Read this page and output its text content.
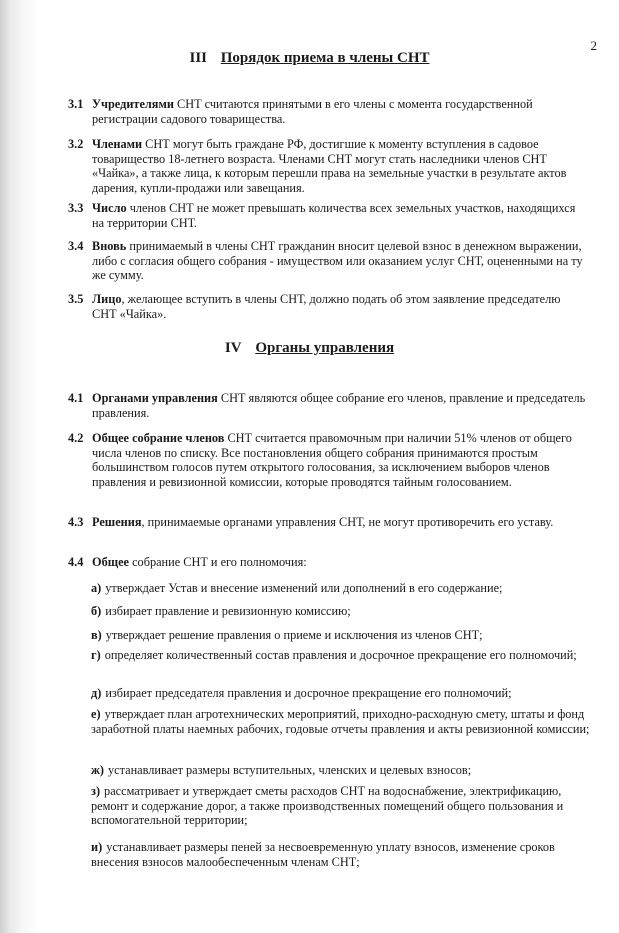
2
III Порядок приема в члены СНТ
3.1 Учредителями СНТ считаются принятыми в его члены с момента государственной регистрации садового товарищества.
3.2 Членами СНТ могут быть граждане РФ, достигшие к моменту вступления в садовое товарищество 18-летнего возраста. Членами СНТ могут стать наследники членов СНТ «Чайка», а также лица, к которым перешли права на земельные участки в результате актов дарения, купли-продажи или завещания.
3.3 Число членов СНТ не может превышать количества всех земельных участков, находящихся на территории СНТ.
3.4 Вновь принимаемый в члены СНТ гражданин вносит целевой взнос в денежном выражении, либо с согласия общего собрания - имуществом или оказанием услуг СНТ, оцененными на ту же сумму.
3.5 Лицо, желающее вступить в члены СНТ, должно подать об этом заявление председателю СНТ «Чайка».
IV Органы управления
4.1 Органами управления СНТ являются общее собрание его членов, правление и председатель правления.
4.2 Общее собрание членов СНТ считается правомочным при наличии 51% членов от общего числа членов по списку. Все постановления общего собрания принимаются простым большинством голосов путем открытого голосования, за исключением выборов членов правления и ревизионной комиссии, которые проводятся тайным голосованием.
4.3 Решения, принимаемые органами управления СНТ, не могут противоречить его уставу.
4.4 Общее собрание СНТ и его полномочия:
а) утверждает Устав и внесение изменений или дополнений в его содержание;
б) избирает правление и ревизионную комиссию;
в) утверждает решение правления о приеме и исключения из членов СНТ;
г) определяет количественный состав правления и досрочное прекращение его полномочий;
д) избирает председателя правления и досрочное прекращение его полномочий;
е) утверждает план агротехнических мероприятий, приходно-расходную смету, штаты и фонд заработной платы наемных рабочих, годовые отчеты правления и акты ревизионной комиссии;
ж) устанавливает размеры вступительных, членских и целевых взносов;
з) рассматривает и утверждает сметы расходов СНТ на водоснабжение, электрификацию, ремонт и содержание дорог, а также производственных помещений общего пользования и вспомогательной территории;
и) устанавливает размеры пеней за несвоевременную уплату взносов, изменение сроков внесения взносов малообеспеченным членам СНТ;
